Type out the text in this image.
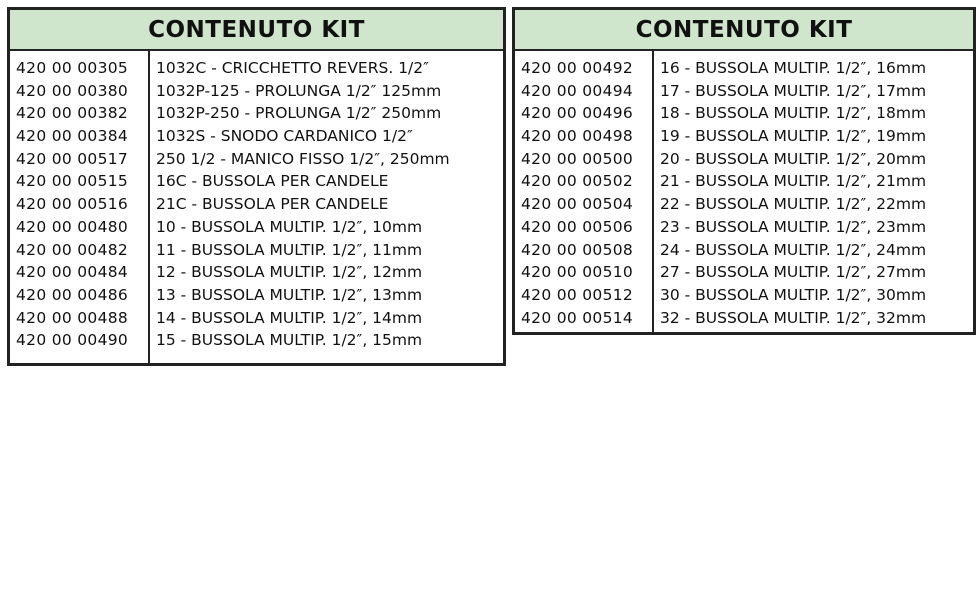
CONTENUTO KIT
420 00 00305
420 00 00380
420 00 00382
420 00 00384
420 00 00517
420 00 00515
420 00 00516
420 00 00480
420 00 00482
420 00 00484
420 00 00486
420 00 00488
420 00 00490
1032C - CRICCHETTO REVERS. 1/2″
1032P-125 - PROLUNGA 1/2″ 125mm
1032P-250 - PROLUNGA 1/2″ 250mm
1032S - SNODO CARDANICO 1/2″
250 1/2 - MANICO FISSO 1/2″, 250mm
16C - BUSSOLA PER CANDELE
21C - BUSSOLA PER CANDELE
10 - BUSSOLA MULTIP. 1/2″, 10mm
11 - BUSSOLA MULTIP. 1/2″, 11mm
12 - BUSSOLA MULTIP. 1/2″, 12mm
13 - BUSSOLA MULTIP. 1/2″, 13mm
14 - BUSSOLA MULTIP. 1/2″, 14mm
15 - BUSSOLA MULTIP. 1/2″, 15mm
CONTENUTO KIT
420 00 00492
420 00 00494
420 00 00496
420 00 00498
420 00 00500
420 00 00502
420 00 00504
420 00 00506
420 00 00508
420 00 00510
420 00 00512
420 00 00514
16 - BUSSOLA MULTIP. 1/2″, 16mm
17 - BUSSOLA MULTIP. 1/2″, 17mm
18 - BUSSOLA MULTIP. 1/2″, 18mm
19 - BUSSOLA MULTIP. 1/2″, 19mm
20 - BUSSOLA MULTIP. 1/2″, 20mm
21 - BUSSOLA MULTIP. 1/2″, 21mm
22 - BUSSOLA MULTIP. 1/2″, 22mm
23 - BUSSOLA MULTIP. 1/2″, 23mm
24 - BUSSOLA MULTIP. 1/2″, 24mm
27 - BUSSOLA MULTIP. 1/2″, 27mm
30 - BUSSOLA MULTIP. 1/2″, 30mm
32 - BUSSOLA MULTIP. 1/2″, 32mm
